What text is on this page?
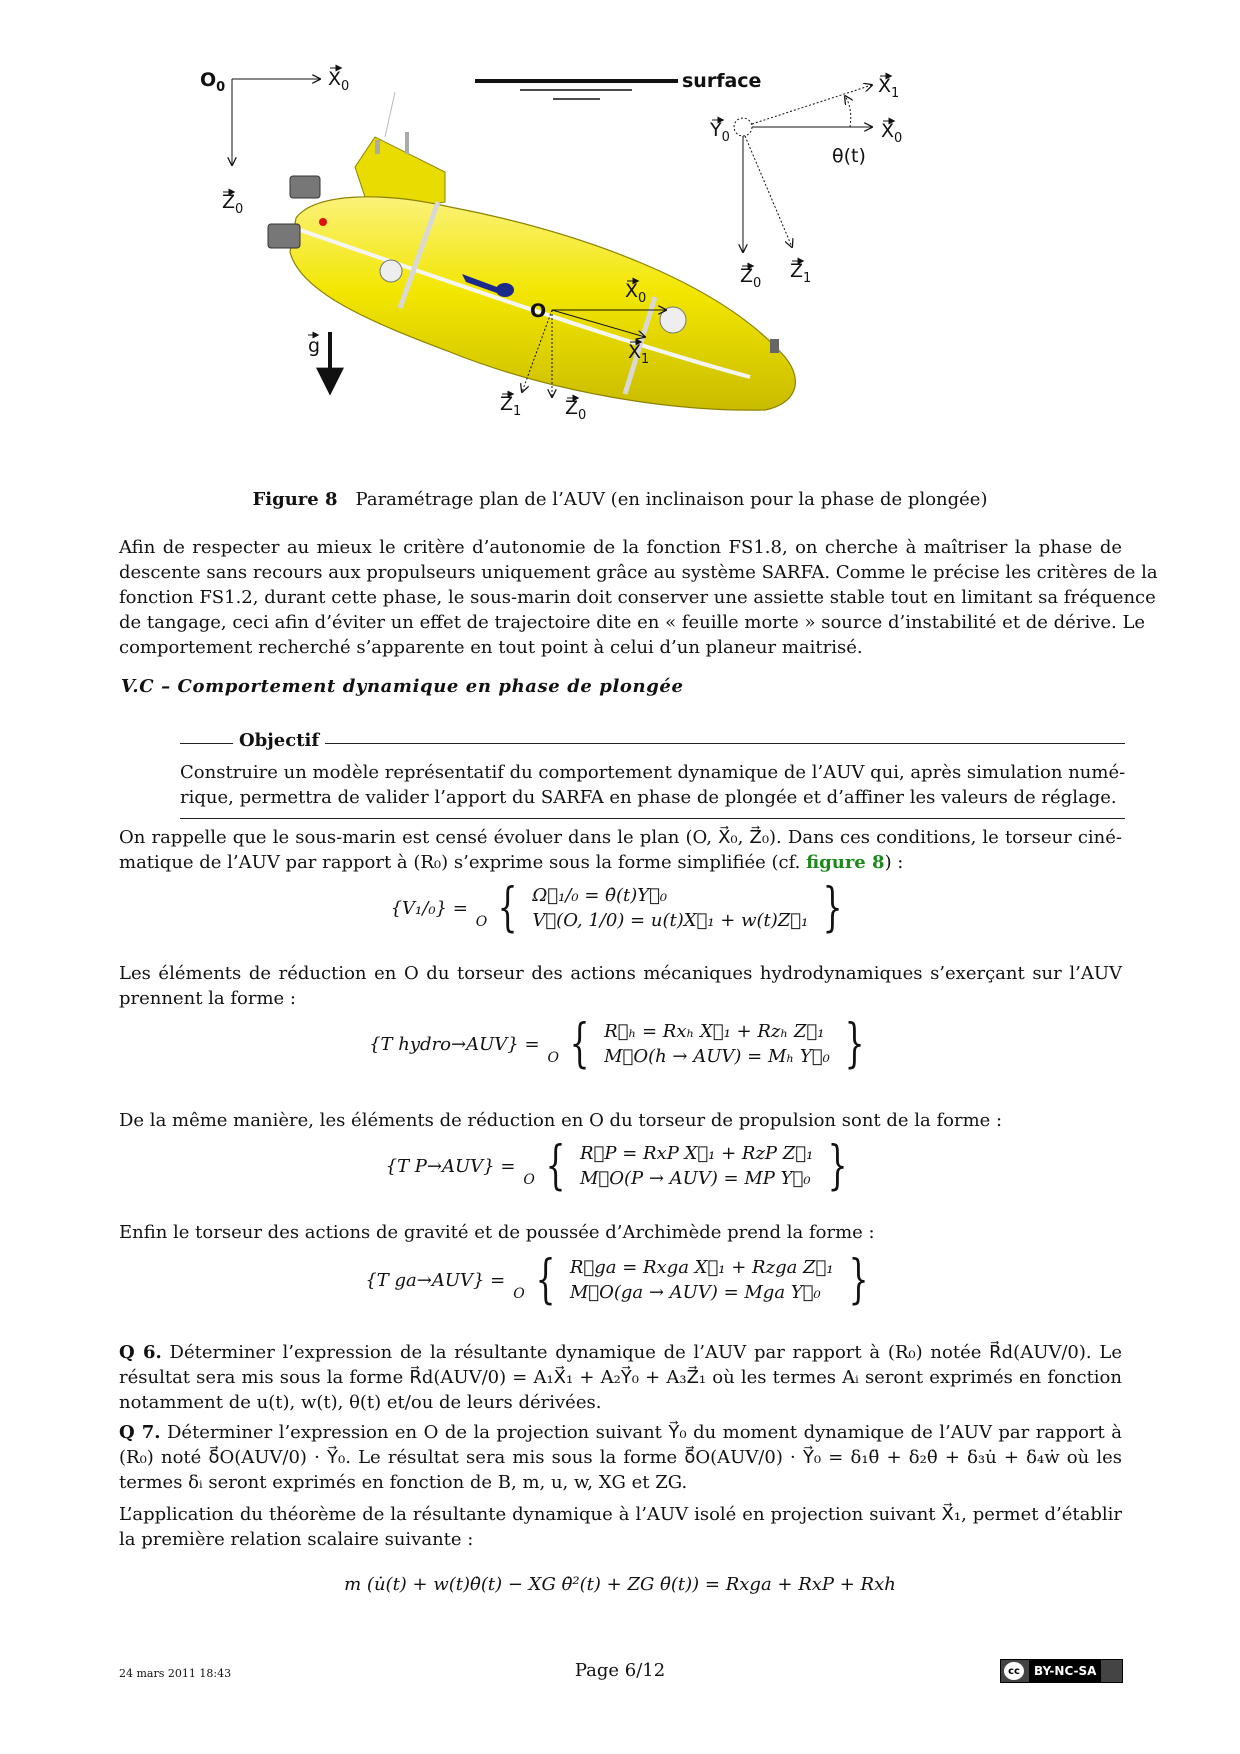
$O_0$	$X_0$
$Z_0$
surface
g
O
$X_0$
$X_1$
$Z_1$ $Z_0$
$Y_0$
$X_1$
$X_0$
θ(t)
$Z_0$
$Z_1$
Figure 8 Paramétrage plan de l’AUV (en inclinaison pour la phase de plongée)
Afin de respecter au mieux le critère d’autonomie de la fonction FS1.8, on cherche à maîtriser la phase de
descente sans recours aux propulseurs uniquement grâce au système SARFA. Comme le précise les critères de la
fonction FS1.2, durant cette phase, le sous-marin doit conserver une assiette stable tout en limitant sa fréquence
de tangage, ceci afin d’éviter un effet de trajectoire dite en « feuille morte » source d’instabilité et de dérive. Le
comportement recherché s’apparente en tout point à celui d’un planeur maitrisé.
V.C – Comportement dynamique en phase de plongée
Objectif
Construire un modèle représentatif du comportement dynamique de l’AUV qui, après simulation numé-
rique, permettra de valider l’apport du SARFA en phase de plongée et d’affiner les valeurs de réglage.
On rappelle que le sous-marin est censé évoluer dans le plan (O, X⃗₀, Z⃗₀). Dans ces conditions, le torseur ciné-
matique de l’AUV par rapport à (R₀) s’exprime sous la forme simplifiée (cf. figure 8) :
{V₁/₀} =
O { Ω⃗₁/₀ = θ̇(t)Y⃗₀
V⃗(O, 1/0) = u(t)X⃗₁ + w(t)Z⃗₁ }
Les éléments de réduction en O du torseur des actions mécaniques hydrodynamiques s’exerçant sur l’AUV
prennent la forme :
{T hydro→AUV} =
O { R⃗ₕ = Rxₕ X⃗₁ + Rzₕ Z⃗₁
M⃗O(h → AUV) = Mₕ Y⃗₀ }
De la même manière, les éléments de réduction en O du torseur de propulsion sont de la forme :
{T P→AUV} =
O { R⃗P = RxP X⃗₁ + RzP Z⃗₁
M⃗O(P → AUV) = MP Y⃗₀ }
Enfin le torseur des actions de gravité et de poussée d’Archimède prend la forme :
{T ga→AUV} =
O { R⃗ga = Rxga X⃗₁ + Rzga Z⃗₁
M⃗O(ga → AUV) = Mga Y⃗₀ }
Q 6. Déterminer l’expression de la résultante dynamique de l’AUV par rapport à (R₀) notée R⃗d(AUV/0). Le
résultat sera mis sous la forme R⃗d(AUV/0) = A₁X⃗₁ + A₂Y⃗₀ + A₃Z⃗₁ où les termes Aᵢ seront exprimés en fonction
notamment de u(t), w(t), θ(t) et/ou de leurs dérivées.
Q 7. Déterminer l’expression en O de la projection suivant Y⃗₀ du moment dynamique de l’AUV par rapport à
(R₀) noté δ⃗O(AUV/0) · Y⃗₀. Le résultat sera mis sous la forme δ⃗O(AUV/0) · Y⃗₀ = δ₁θ̈ + δ₂θ̇ + δ₃u̇ + δ₄ẇ où les
termes δᵢ seront exprimés en fonction de B, m, u, w, XG et ZG.
L’application du théorème de la résultante dynamique à l’AUV isolé en projection suivant X⃗₁, permet d’établir
la première relation scalaire suivante :
m (u̇(t) + w(t)θ̇(t) − XG θ̇²(t) + ZG θ̈(t)) = Rxga + RxP + Rxh
24 mars 2011 18:43	Page 6/12	cc	BY-NC-SA
